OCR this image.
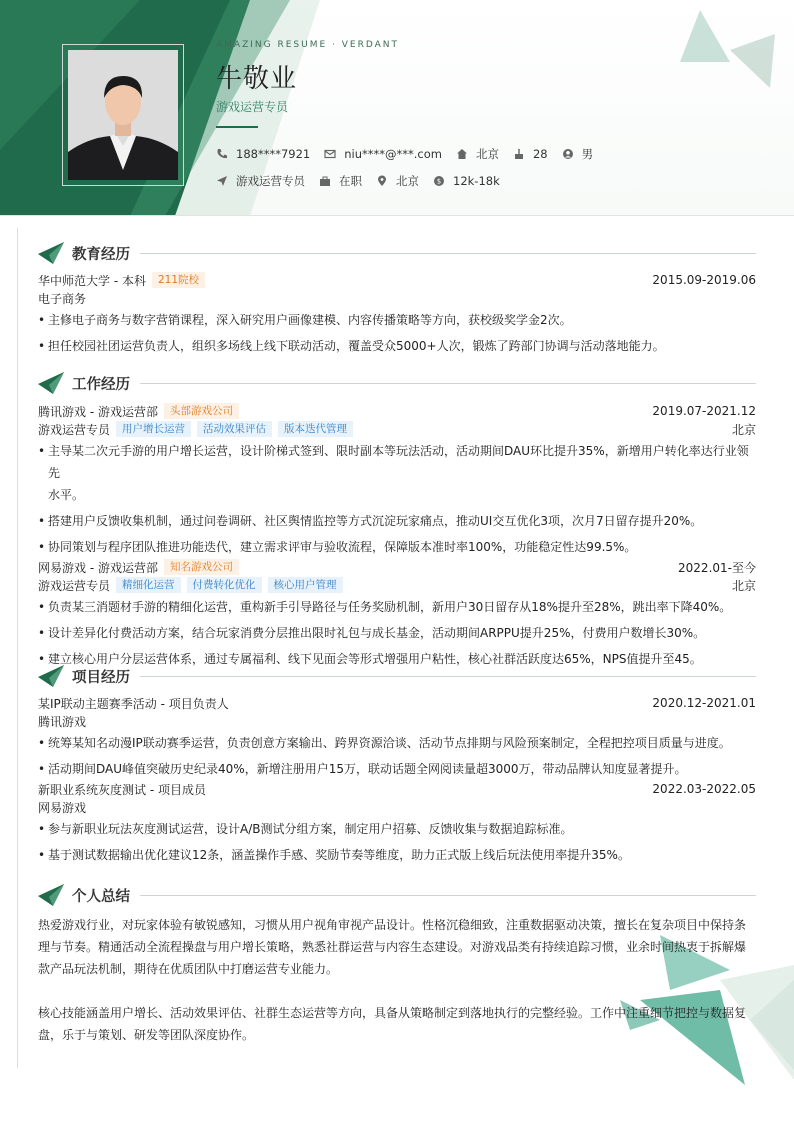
AMAZING RESUME · VERDANT
牛敬业
游戏运营专员
188****7921	niu****@***.com	北京	28	男
游戏运营专员	在职	北京	$ 12k-18k
教育经历
华中师范大学 - 本科	211院校	2015.09-2019.06
电子商务
• 主修电子商务与数字营销课程，深入研究用户画像建模、内容传播策略等方向，获校级奖学金2次。
• 担任校园社团运营负责人，组织多场线上线下联动活动，覆盖受众5000+人次，锻炼了跨部门协调与活动落地能力。
工作经历
腾讯游戏 - 游戏运营部	头部游戏公司	2019.07-2021.12
游戏运营专员	用户增长运营	活动效果评估	版本迭代管理	北京
• 主导某二次元手游的用户增长运营，设计阶梯式签到、限时副本等玩法活动，活动期间DAU环比提升35%，新增用户转化率达行业领先
水平。
• 搭建用户反馈收集机制，通过问卷调研、社区舆情监控等方式沉淀玩家痛点，推动UI交互优化3项，次月7日留存提升20%。
• 协同策划与程序团队推进功能迭代，建立需求评审与验收流程，保障版本准时率100%，功能稳定性达99.5%。
网易游戏 - 游戏运营部	知名游戏公司	2022.01-至今
游戏运营专员	精细化运营	付费转化优化	核心用户管理	北京
• 负责某三消题材手游的精细化运营，重构新手引导路径与任务奖励机制，新用户30日留存从18%提升至28%，跳出率下降40%。
• 设计差异化付费活动方案，结合玩家消费分层推出限时礼包与成长基金，活动期间ARPPU提升25%，付费用户数增长30%。
• 建立核心用户分层运营体系，通过专属福利、线下见面会等形式增强用户粘性，核心社群活跃度达65%，NPS值提升至45。
项目经历
某IP联动主题赛季活动 - 项目负责人	2020.12-2021.01
腾讯游戏
• 统筹某知名动漫IP联动赛季运营，负责创意方案输出、跨界资源洽谈、活动节点排期与风险预案制定，全程把控项目质量与进度。
• 活动期间DAU峰值突破历史纪录40%，新增注册用户15万，联动话题全网阅读量超3000万，带动品牌认知度显著提升。
新职业系统灰度测试 - 项目成员	2022.03-2022.05
网易游戏
• 参与新职业玩法灰度测试运营，设计A/B测试分组方案，制定用户招募、反馈收集与数据追踪标准。
• 基于测试数据输出优化建议12条，涵盖操作手感、奖励节奏等维度，助力正式版上线后玩法使用率提升35%。
个人总结
热爱游戏行业，对玩家体验有敏锐感知，习惯从用户视角审视产品设计。性格沉稳细致，注重数据驱动决策，擅长在复杂项目中保持条
理与节奏。精通活动全流程操盘与用户增长策略，熟悉社群运营与内容生态建设。对游戏品类有持续追踪习惯，业余时间热衷于拆解爆
款产品玩法机制，期待在优质团队中打磨运营专业能力。
核心技能涵盖用户增长、活动效果评估、社群生态运营等方向，具备从策略制定到落地执行的完整经验。工作中注重细节把控与数据复
盘，乐于与策划、研发等团队深度协作。
